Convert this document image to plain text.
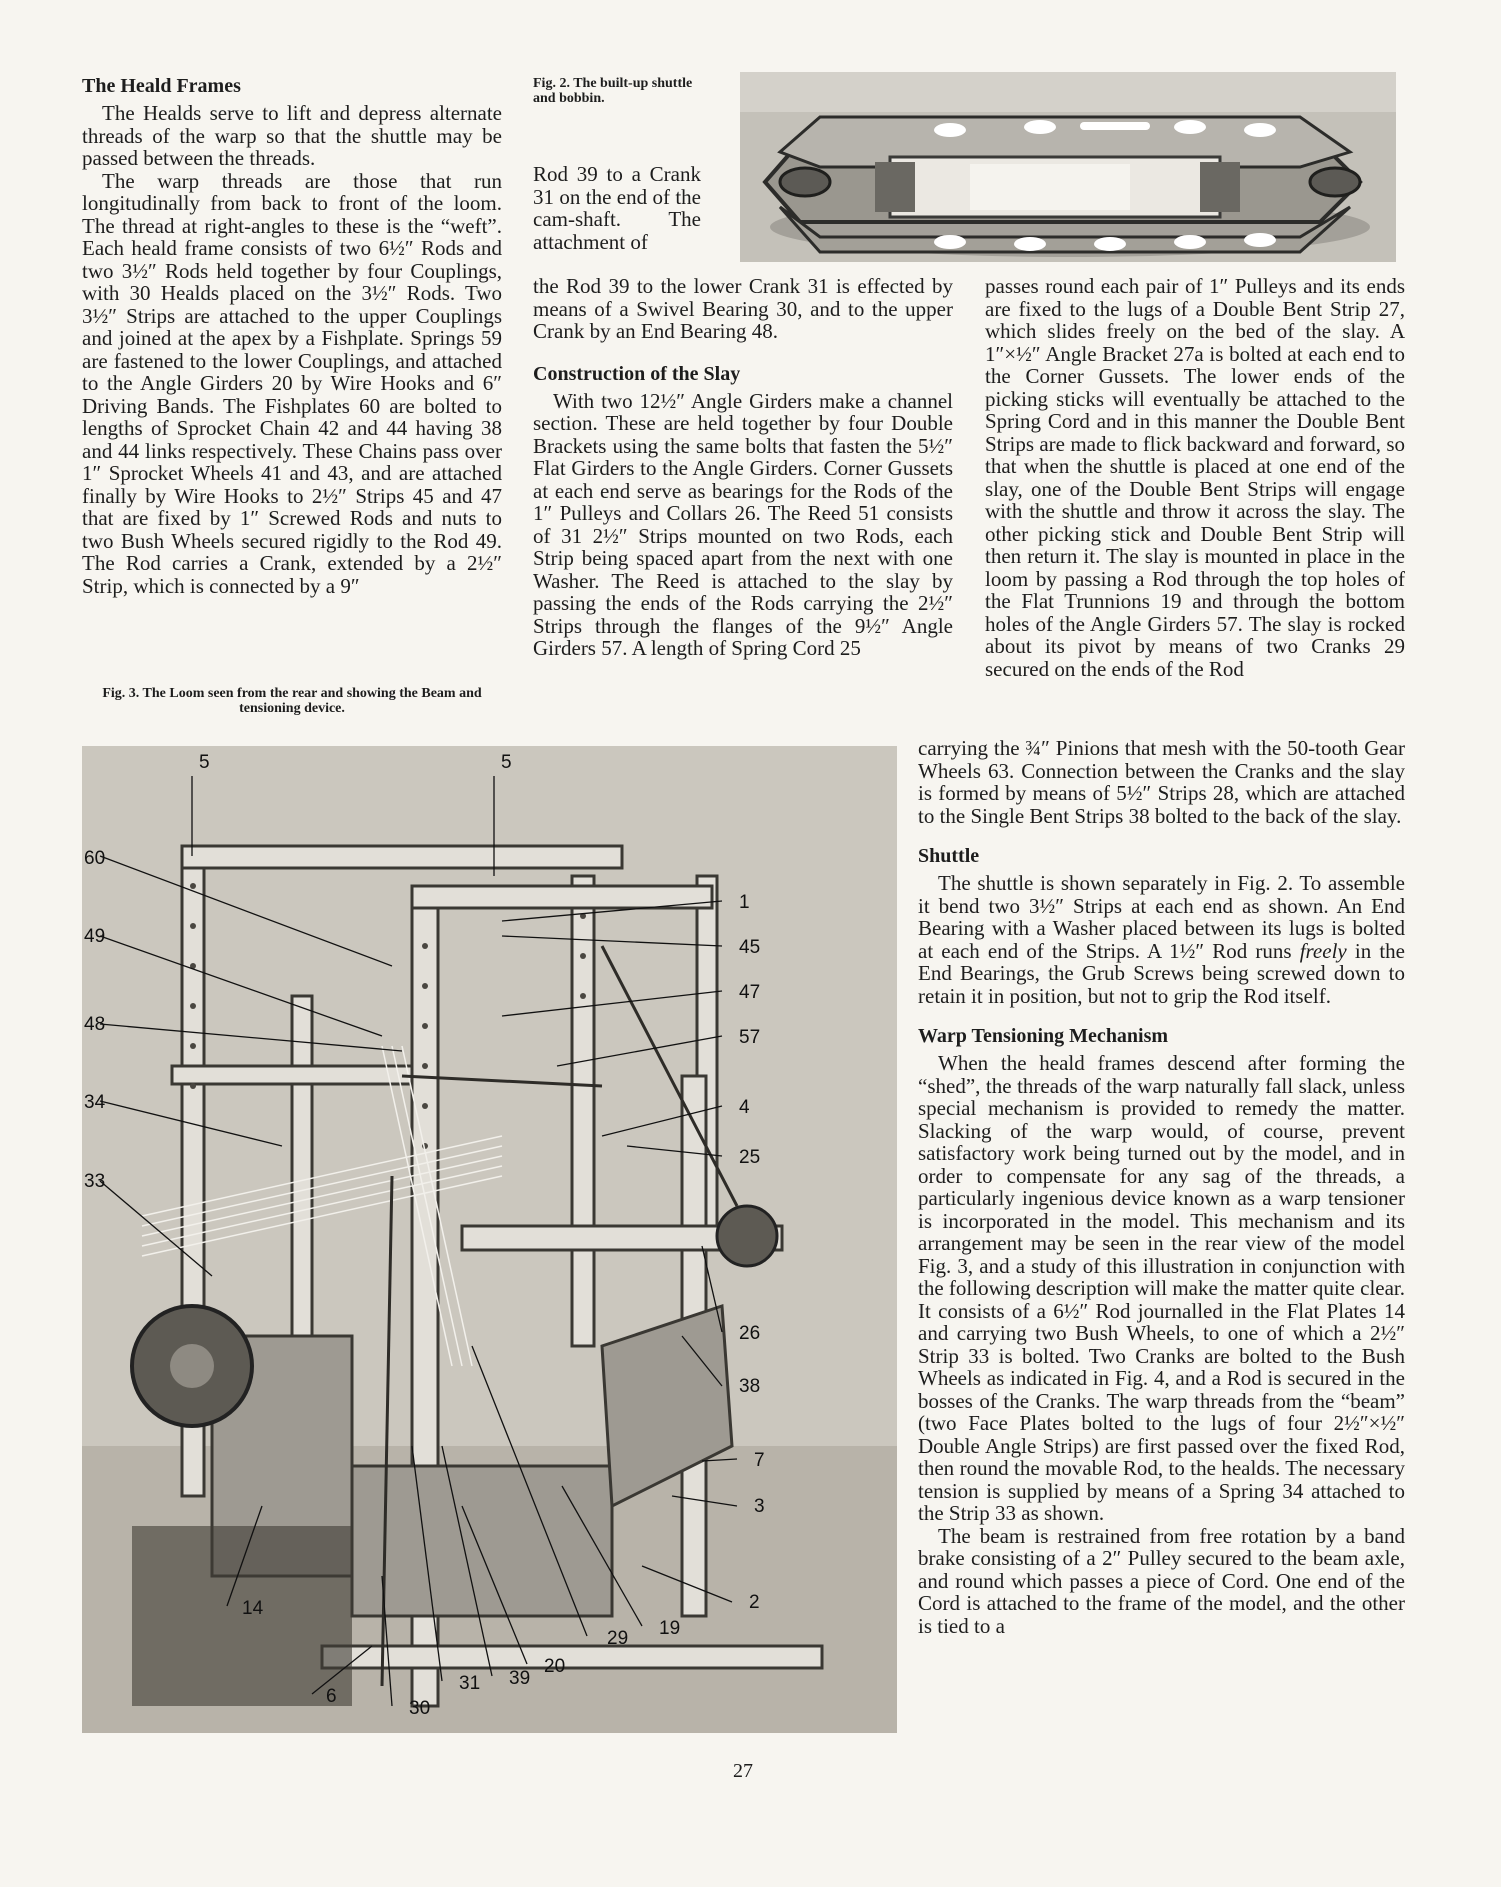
The Heald Frames

The Healds serve to lift and depress alternate threads of the warp so that the shuttle may be passed between the threads.

The warp threads are those that run longitudinally from back to front of the loom. The thread at right-angles to these is the “weft”. Each heald frame consists of two 6½″ Rods and two 3½″ Rods held together by four Couplings, with 30 Healds placed on the 3½″ Rods. Two 3½″ Strips are attached to the upper Couplings and joined at the apex by a Fishplate. Springs 59 are fastened to the lower Couplings, and attached to the Angle Girders 20 by Wire Hooks and 6″ Driving Bands. The Fishplates 60 are bolted to lengths of Sprocket Chain 42 and 44 having 38 and 44 links respectively. These Chains pass over 1″ Sprocket Wheels 41 and 43, and are attached finally by Wire Hooks to 2½″ Strips 45 and 47 that are fixed by 1″ Screwed Rods and nuts to two Bush Wheels secured rigidly to the Rod 49. The Rod carries a Crank, extended by a 2½″ Strip, which is connected by a 9″

Fig. 3. The Loom seen from the rear and showing the Beam and tensioning device.

Fig. 2. The built-up shuttle and bobbin.

Rod 39 to a Crank 31 on the end of the cam-shaft. The attachment of

the Rod 39 to the lower Crank 31 is effected by means of a Swivel Bearing 30, and to the upper Crank by an End Bearing 48.

Construction of the Slay

With two 12½″ Angle Girders make a channel section. These are held together by four Double Brackets using the same bolts that fasten the 5½″ Flat Girders to the Angle Girders. Corner Gussets at each end serve as bearings for the Rods of the 1″ Pulleys and Collars 26. The Reed 51 consists of 31 2½″ Strips mounted on two Rods, each Strip being spaced apart from the next with one Washer. The Reed is attached to the slay by passing the ends of the Rods carrying the 2½″ Strips through the flanges of the 9½″ Angle Girders 57. A length of Spring Cord 25

passes round each pair of 1″ Pulleys and its ends are fixed to the lugs of a Double Bent Strip 27, which slides freely on the bed of the slay. A 1″×½″ Angle Bracket 27a is bolted at each end to the Corner Gussets. The lower ends of the picking sticks will eventually be attached to the Spring Cord and in this manner the Double Bent Strips are made to flick backward and forward, so that when the shuttle is placed at one end of the slay, one of the Double Bent Strips will engage with the shuttle and throw it across the slay. The other picking stick and Double Bent Strip will then return it. The slay is mounted in place in the loom by passing a Rod through the top holes of the Flat Trunnions 19 and through the bottom holes of the Angle Girders 57. The slay is rocked about its pivot by means of two Cranks 29 secured on the ends of the Rod

carrying the ¾″ Pinions that mesh with the 50-tooth Gear Wheels 63. Connection between the Cranks and the slay is formed by means of 5½″ Strips 28, which are attached to the Single Bent Strips 38 bolted to the back of the slay.

Shuttle

The shuttle is shown separately in Fig. 2. To assemble it bend two 3½″ Strips at each end as shown. An End Bearing with a Washer placed between its lugs is bolted at each end of the Strips. A 1½″ Rod runs freely in the End Bearings, the Grub Screws being screwed down to retain it in position, but not to grip the Rod itself.

Warp Tensioning Mechanism

When the heald frames descend after forming the “shed”, the threads of the warp naturally fall slack, unless special mechanism is provided to remedy the matter. Slacking of the warp would, of course, prevent satisfactory work being turned out by the model, and in order to compensate for any sag of the threads, a particularly ingenious device known as a warp tensioner is incorporated in the model. This mechanism and its arrangement may be seen in the rear view of the model Fig. 3, and a study of this illustration in conjunction with the following description will make the matter quite clear. It consists of a 6½″ Rod journalled in the Flat Plates 14 and carrying two Bush Wheels, to one of which a 2½″ Strip 33 is bolted. Two Cranks are bolted to the Bush Wheels as indicated in Fig. 4, and a Rod is secured in the bosses of the Cranks. The warp threads from the “beam” (two Face Plates bolted to the lugs of four 2½″×½″ Double Angle Strips) are first passed over the fixed Rod, then round the movable Rod, to the healds. The necessary tension is supplied by means of a Spring 34 attached to the Strip 33 as shown.

The beam is restrained from free rotation by a band brake consisting of a 2″ Pulley secured to the beam axle, and round which passes a piece of Cord. One end of the Cord is attached to the frame of the model, and the other is tied to a

5	5
60
49
48
34
33
1
45
47
57
4
25
26
38
7
3
2
19
29
20
39
31
30
6
14
27
